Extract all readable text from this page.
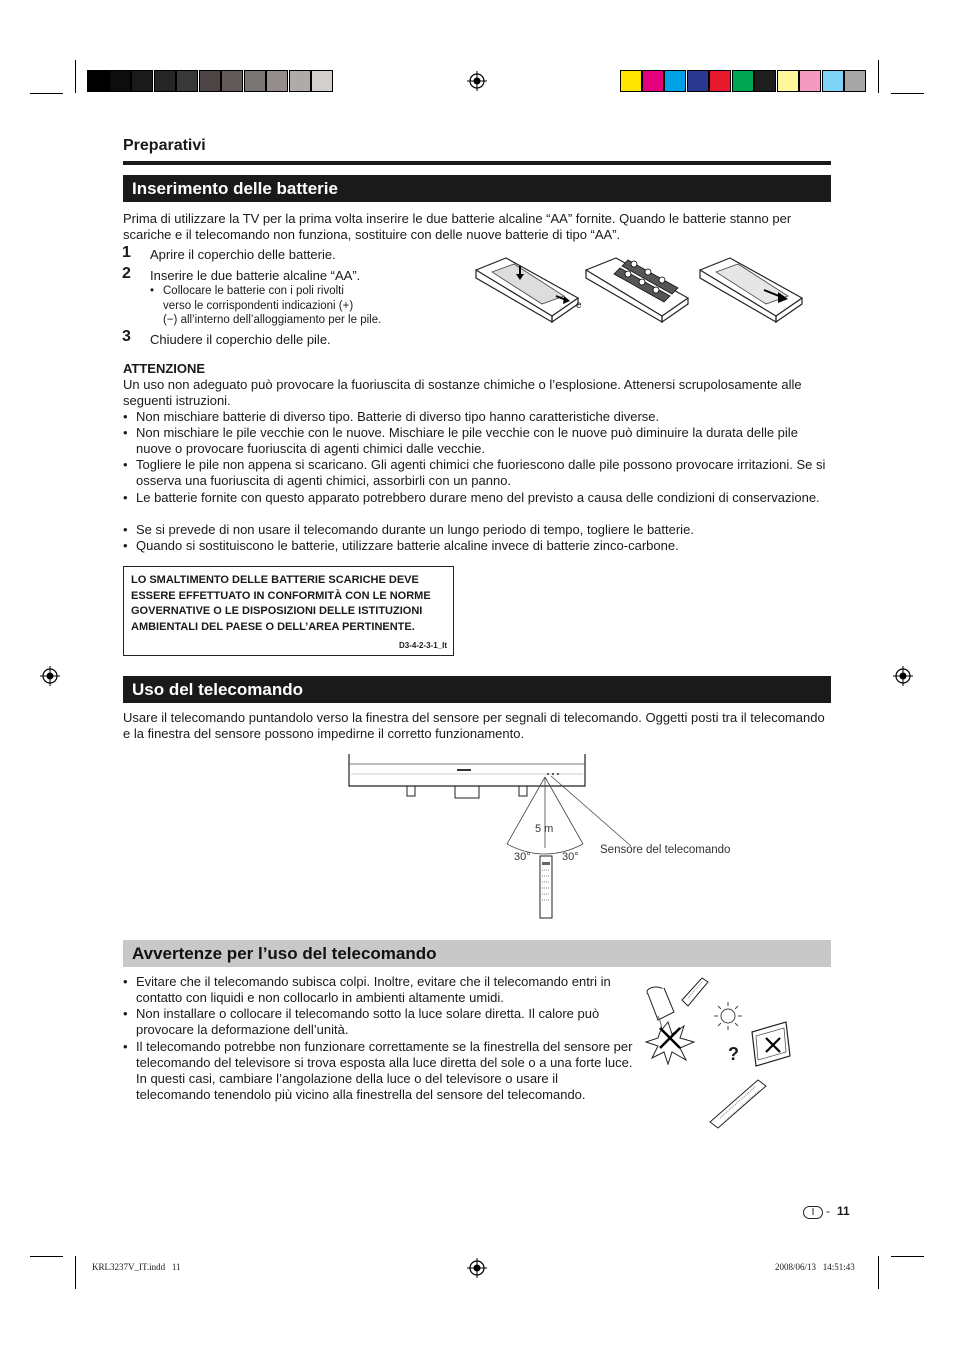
Preparativi
Inserimento delle batterie
Prima di utilizzare la TV per la prima volta inserire le due batterie alcaline “AA” fornite. Quando le batterie stanno per scariche e il telecomando non funziona, sostituire con delle nuove batterie di tipo “AA”.
1 Aprire il coperchio delle batterie.
2 Inserire le due batterie alcaline “AA”.
• Collocare le batterie con i poli rivolti
verso le corrispondenti indicazioni (+)
(−) all’interno dell’alloggiamento per le pile.
3 Chiudere il coperchio delle pile.
e
ATTENZIONE
Un uso non adeguato può provocare la fuoriuscita di sostanze chimiche o l’esplosione. Attenersi scrupolosamente alle seguenti istruzioni.
• Non mischiare batterie di diverso tipo. Batterie di diverso tipo hanno caratteristiche diverse.
• Non mischiare le pile vecchie con le nuove. Mischiare le pile vecchie con le nuove può diminuire la durata delle pile nuove o provocare fuoriuscita di agenti chimici dalle vecchie.
• Togliere le pile non appena si scaricano. Gli agenti chimici che fuoriescono dalle pile possono provocare irritazioni. Se si osserva una fuoriuscita di agenti chimici, assorbirli con un panno.
• Le batterie fornite con questo apparato potrebbero durare meno del previsto a causa delle condizioni di conservazione.
• Se si prevede di non usare il telecomando durante un lungo periodo di tempo, togliere le batterie.
• Quando si sostituiscono le batterie, utilizzare batterie alcaline invece di batterie zinco-carbone.
LO SMALTIMENTO DELLE BATTERIE SCARICHE DEVE ESSERE EFFETTUATO IN CONFORMITÀ CON LE NORME GOVERNATIVE O LE DISPOSIZIONI DELLE ISTITUZIONI AMBIENTALI DEL PAESE O DELL’AREA PERTINENTE.
D3-4-2-3-1_It
Uso del telecomando
Usare il telecomando puntandolo verso la finestra del sensore per segnali di telecomando. Oggetti posti tra il telecomando e la finestra del sensore possono impedirne il corretto funzionamento.
5 m
30°	30°
Sensore del telecomando
Avvertenze per l’uso del telecomando
• Evitare che il telecomando subisca colpi. Inoltre, evitare che il telecomando entri in contatto con liquidi e non collocarlo in ambienti altamente umidi.
• Non installare o collocare il telecomando sotto la luce solare diretta. Il calore può provocare la deformazione dell’unità.
• Il telecomando potrebbe non funzionare correttamente se la finestrella del sensore per telecomando del televisore si trova esposta alla luce diretta del sole o a una forte luce. In questi casi, cambiare l’angolazione della luce o del televisore o usare il telecomando tenendolo più vicino alla finestrella del sensore del telecomando.
?
I - 11
KRL3237V_IT.indd   11	2008/06/13   14:51:43
